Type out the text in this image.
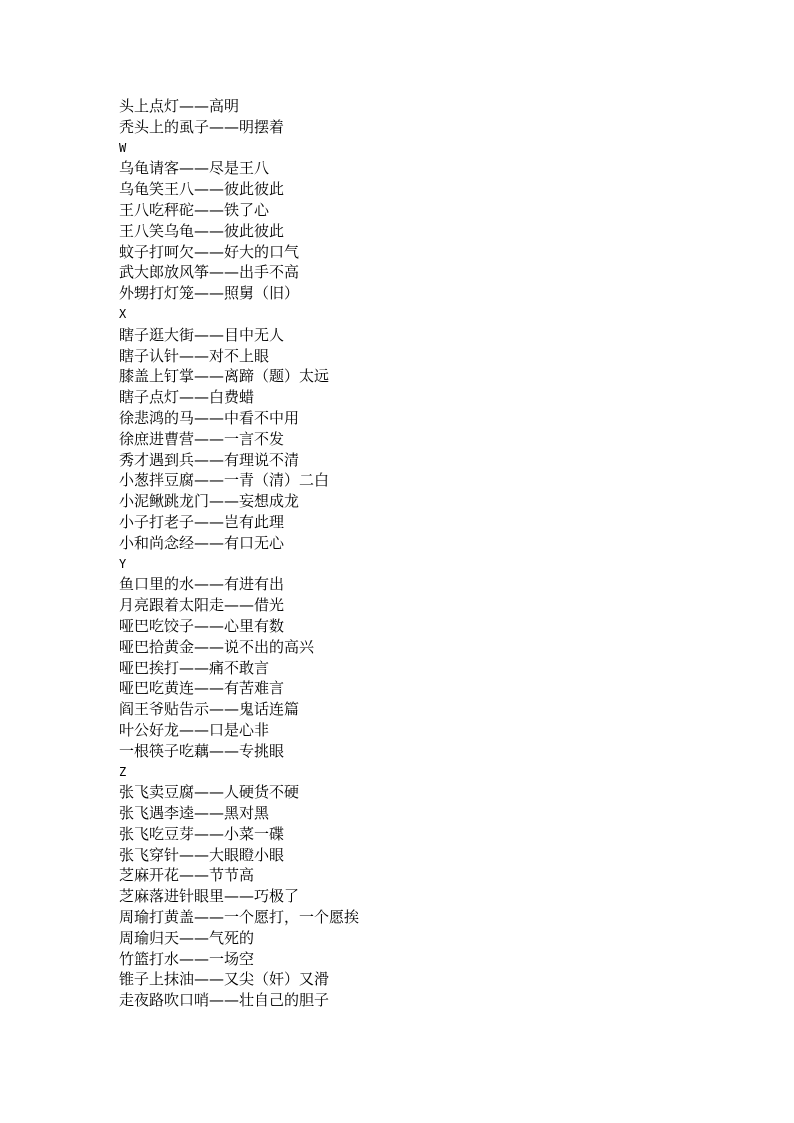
头上点灯——高明
秃头上的虱子——明摆着
W
乌龟请客——尽是王八
乌龟笑王八——彼此彼此
王八吃秤砣——铁了心
王八笑乌龟——彼此彼此
蚊子打呵欠——好大的口气
武大郎放风筝——出手不高
外甥打灯笼——照舅（旧）
X
瞎子逛大街——目中无人
瞎子认针——对不上眼
膝盖上钉掌——离蹄（题）太远
瞎子点灯——白费蜡
徐悲鸿的马——中看不中用
徐庶进曹营——一言不发
秀才遇到兵——有理说不清
小葱拌豆腐——一青（清）二白
小泥鳅跳龙门——妄想成龙
小子打老子——岂有此理
小和尚念经——有口无心
Y
鱼口里的水——有进有出
月亮跟着太阳走——借光
哑巴吃饺子——心里有数
哑巴拾黄金——说不出的高兴
哑巴挨打——痛不敢言
哑巴吃黄连——有苦难言
阎王爷贴告示——鬼话连篇
叶公好龙——口是心非
一根筷子吃藕——专挑眼
Z
张飞卖豆腐——人硬货不硬
张飞遇李逵——黑对黑
张飞吃豆芽——小菜一碟
张飞穿针——大眼瞪小眼
芝麻开花——节节高
芝麻落进针眼里——巧极了
周瑜打黄盖——一个愿打，一个愿挨
周瑜归天——气死的
竹篮打水——一场空
锥子上抹油——又尖（奸）又滑
走夜路吹口哨——壮自己的胆子
